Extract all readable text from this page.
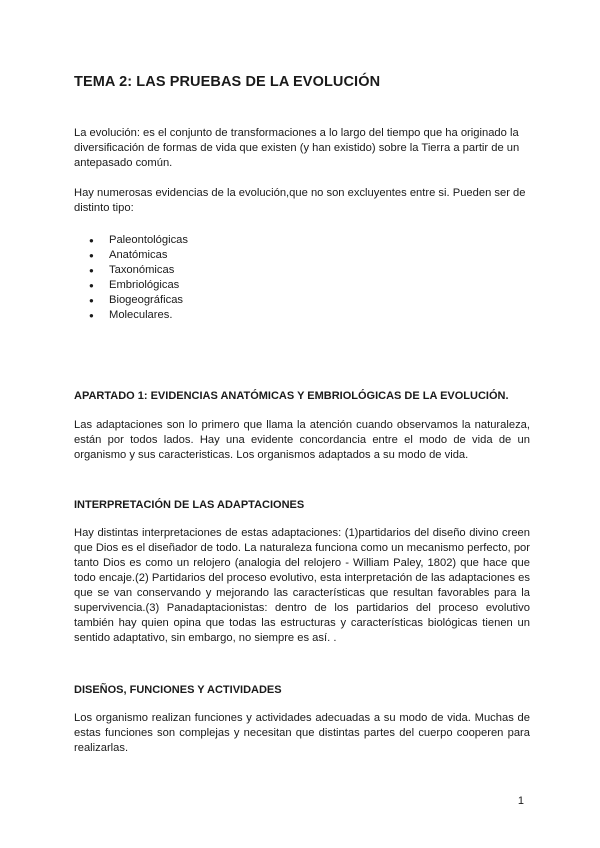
TEMA 2: LAS PRUEBAS DE LA EVOLUCIÓN

La evolución: es el conjunto de transformaciones a lo largo del tiempo que ha originado la diversificación de formas de vida que existen (y han existido) sobre la Tierra a partir de un antepasado común.

Hay numerosas evidencias de la evolución,que no son excluyentes entre si. Pueden ser de distinto tipo:

● Paleontológicas
● Anatómicas
● Taxonómicas
● Embriológicas
● Biogeográficas
● Moleculares.
APARTADO 1: EVIDENCIAS ANATÓMICAS Y EMBRIOLÓGICAS DE LA EVOLUCIÓN.

Las adaptaciones son lo primero que llama la atención cuando observamos la naturaleza, están por todos lados. Hay una evidente concordancia entre el modo de vida de un organismo y sus caracteristicas. Los organismos adaptados a su modo de vida.

INTERPRETACIÓN DE LAS ADAPTACIONES

Hay distintas interpretaciones de estas adaptaciones: (1)partidarios del diseño divino creen que Dios es el diseñador de todo. La naturaleza funciona como un mecanismo perfecto, por tanto Dios es como un relojero (analogia del relojero - William Paley, 1802) que hace que todo encaje.(2) Partidarios del proceso evolutivo, esta interpretación de las adaptaciones es que se van conservando y mejorando las características que resultan favorables para la supervivencia.(3) Panadaptacionistas: dentro de los partidarios del proceso evolutivo también hay quien opina que todas las estructuras y características biológicas tienen un sentido adaptativo, sin embargo, no siempre es así. .

DISEÑOS, FUNCIONES Y ACTIVIDADES

Los organismo realizan funciones y actividades adecuadas a su modo de vida. Muchas de estas funciones son complejas y necesitan que distintas partes del cuerpo cooperen para realizarlas.

1
